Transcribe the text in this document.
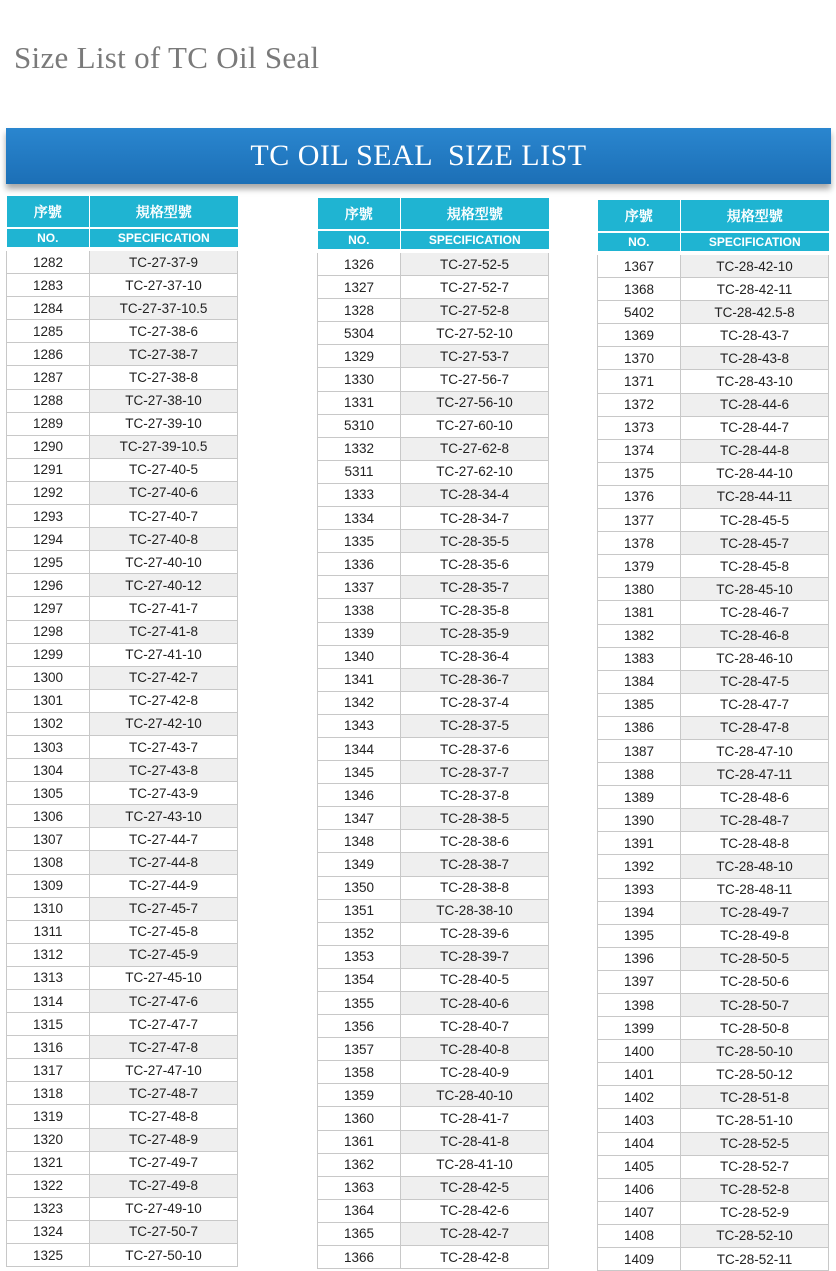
Size List of TC Oil Seal
TC OIL SEAL  SIZE LIST
序號	規格型號
NO.	SPECIFICATION

1282	TC-27-37-9
1283	TC-27-37-10
1284	TC-27-37-10.5
1285	TC-27-38-6
1286	TC-27-38-7
1287	TC-27-38-8
1288	TC-27-38-10
1289	TC-27-39-10
1290	TC-27-39-10.5
1291	TC-27-40-5
1292	TC-27-40-6
1293	TC-27-40-7
1294	TC-27-40-8
1295	TC-27-40-10
1296	TC-27-40-12
1297	TC-27-41-7
1298	TC-27-41-8
1299	TC-27-41-10
1300	TC-27-42-7
1301	TC-27-42-8
1302	TC-27-42-10
1303	TC-27-43-7
1304	TC-27-43-8
1305	TC-27-43-9
1306	TC-27-43-10
1307	TC-27-44-7
1308	TC-27-44-8
1309	TC-27-44-9
1310	TC-27-45-7
1311	TC-27-45-8
1312	TC-27-45-9
1313	TC-27-45-10
1314	TC-27-47-6
1315	TC-27-47-7
1316	TC-27-47-8
1317	TC-27-47-10
1318	TC-27-48-7
1319	TC-27-48-8
1320	TC-27-48-9
1321	TC-27-49-7
1322	TC-27-49-8
1323	TC-27-49-10
1324	TC-27-50-7
1325	TC-27-50-10
序號	規格型號
NO.	SPECIFICATION

1326	TC-27-52-5
1327	TC-27-52-7
1328	TC-27-52-8
5304	TC-27-52-10
1329	TC-27-53-7
1330	TC-27-56-7
1331	TC-27-56-10
5310	TC-27-60-10
1332	TC-27-62-8
5311	TC-27-62-10
1333	TC-28-34-4
1334	TC-28-34-7
1335	TC-28-35-5
1336	TC-28-35-6
1337	TC-28-35-7
1338	TC-28-35-8
1339	TC-28-35-9
1340	TC-28-36-4
1341	TC-28-36-7
1342	TC-28-37-4
1343	TC-28-37-5
1344	TC-28-37-6
1345	TC-28-37-7
1346	TC-28-37-8
1347	TC-28-38-5
1348	TC-28-38-6
1349	TC-28-38-7
1350	TC-28-38-8
1351	TC-28-38-10
1352	TC-28-39-6
1353	TC-28-39-7
1354	TC-28-40-5
1355	TC-28-40-6
1356	TC-28-40-7
1357	TC-28-40-8
1358	TC-28-40-9
1359	TC-28-40-10
1360	TC-28-41-7
1361	TC-28-41-8
1362	TC-28-41-10
1363	TC-28-42-5
1364	TC-28-42-6
1365	TC-28-42-7
1366	TC-28-42-8
序號	規格型號
NO.	SPECIFICATION

1367	TC-28-42-10
1368	TC-28-42-11
5402	TC-28-42.5-8
1369	TC-28-43-7
1370	TC-28-43-8
1371	TC-28-43-10
1372	TC-28-44-6
1373	TC-28-44-7
1374	TC-28-44-8
1375	TC-28-44-10
1376	TC-28-44-11
1377	TC-28-45-5
1378	TC-28-45-7
1379	TC-28-45-8
1380	TC-28-45-10
1381	TC-28-46-7
1382	TC-28-46-8
1383	TC-28-46-10
1384	TC-28-47-5
1385	TC-28-47-7
1386	TC-28-47-8
1387	TC-28-47-10
1388	TC-28-47-11
1389	TC-28-48-6
1390	TC-28-48-7
1391	TC-28-48-8
1392	TC-28-48-10
1393	TC-28-48-11
1394	TC-28-49-7
1395	TC-28-49-8
1396	TC-28-50-5
1397	TC-28-50-6
1398	TC-28-50-7
1399	TC-28-50-8
1400	TC-28-50-10
1401	TC-28-50-12
1402	TC-28-51-8
1403	TC-28-51-10
1404	TC-28-52-5
1405	TC-28-52-7
1406	TC-28-52-8
1407	TC-28-52-9
1408	TC-28-52-10
1409	TC-28-52-11
